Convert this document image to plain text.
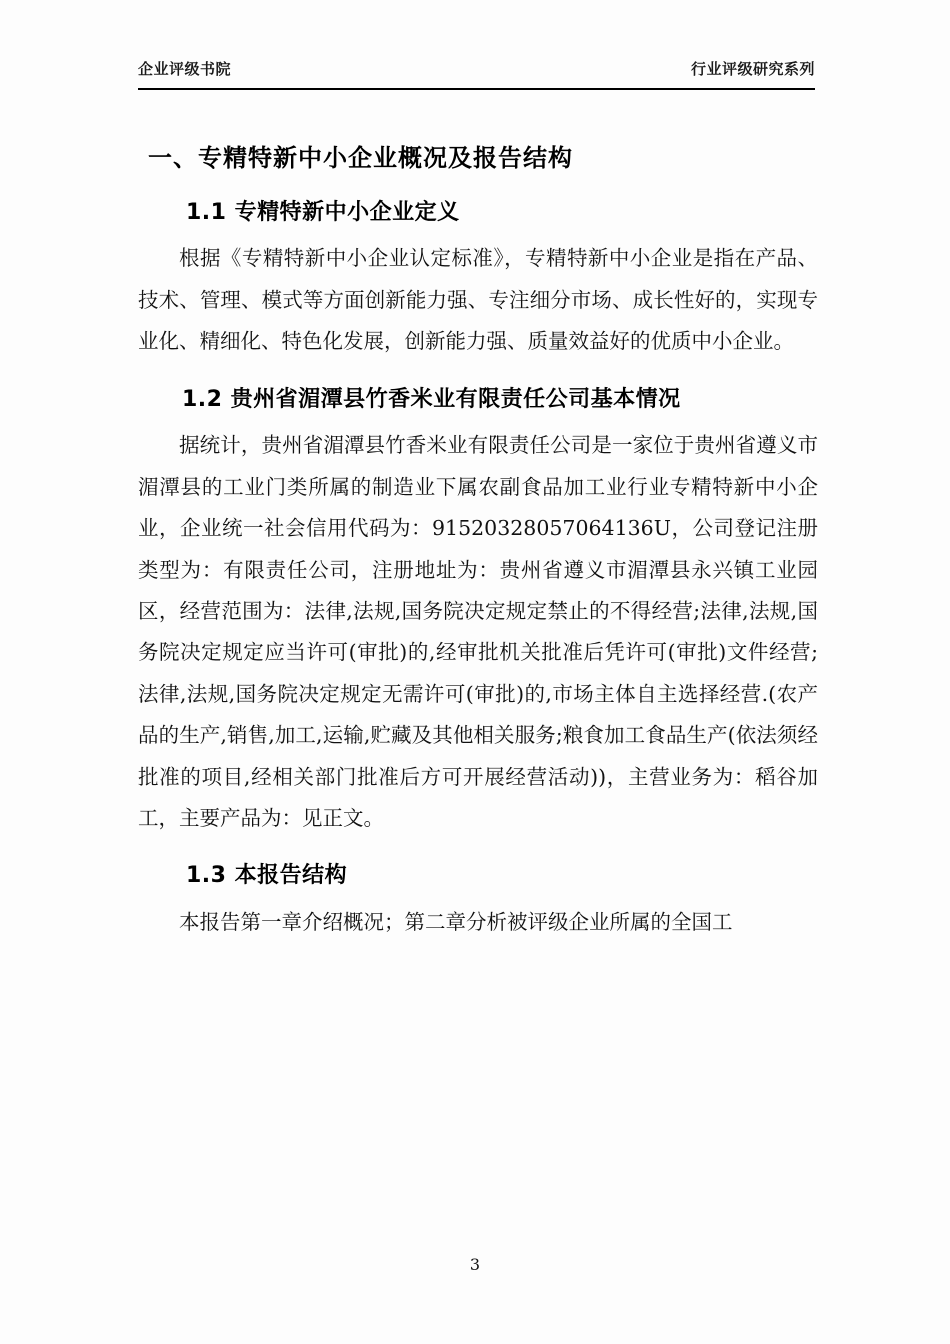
企业评级书院	行业评级研究系列
一、专精特新中小企业概况及报告结构
1.1 专精特新中小企业定义

根据《专精特新中小企业认定标准》，专精特新中小企业是指在产品、技术、管理、模式等方面创新能力强、专注细分市场、成长性好的，实现专业化、精细化、特色化发展，创新能力强、质量效益好的优质中小企业。

1.2 贵州省湄潭县竹香米业有限责任公司基本情况

据统计，贵州省湄潭县竹香米业有限责任公司是一家位于贵州省遵义市湄潭县的工业门类所属的制造业下属农副食品加工业行业专精特新中小企业，企业统一社会信用代码为：91520328057064136U，公司登记注册类型为：有限责任公司，注册地址为：贵州省遵义市湄潭县永兴镇工业园区，经营范围为：法律,法规,国务院决定规定禁止的不得经营;法律,法规,国务院决定规定应当许可(审批)的,经审批机关批准后凭许可(审批)文件经营;法律,法规,国务院决定规定无需许可(审批)的,市场主体自主选择经营.(农产品的生产,销售,加工,运输,贮藏及其他相关服务;粮食加工食品生产(依法须经批准的项目,经相关部门批准后方可开展经营活动))，主营业务为：稻谷加工，主要产品为：见正文。

1.3 本报告结构

本报告第一章介绍概况；第二章分析被评级企业所属的全国工

3
